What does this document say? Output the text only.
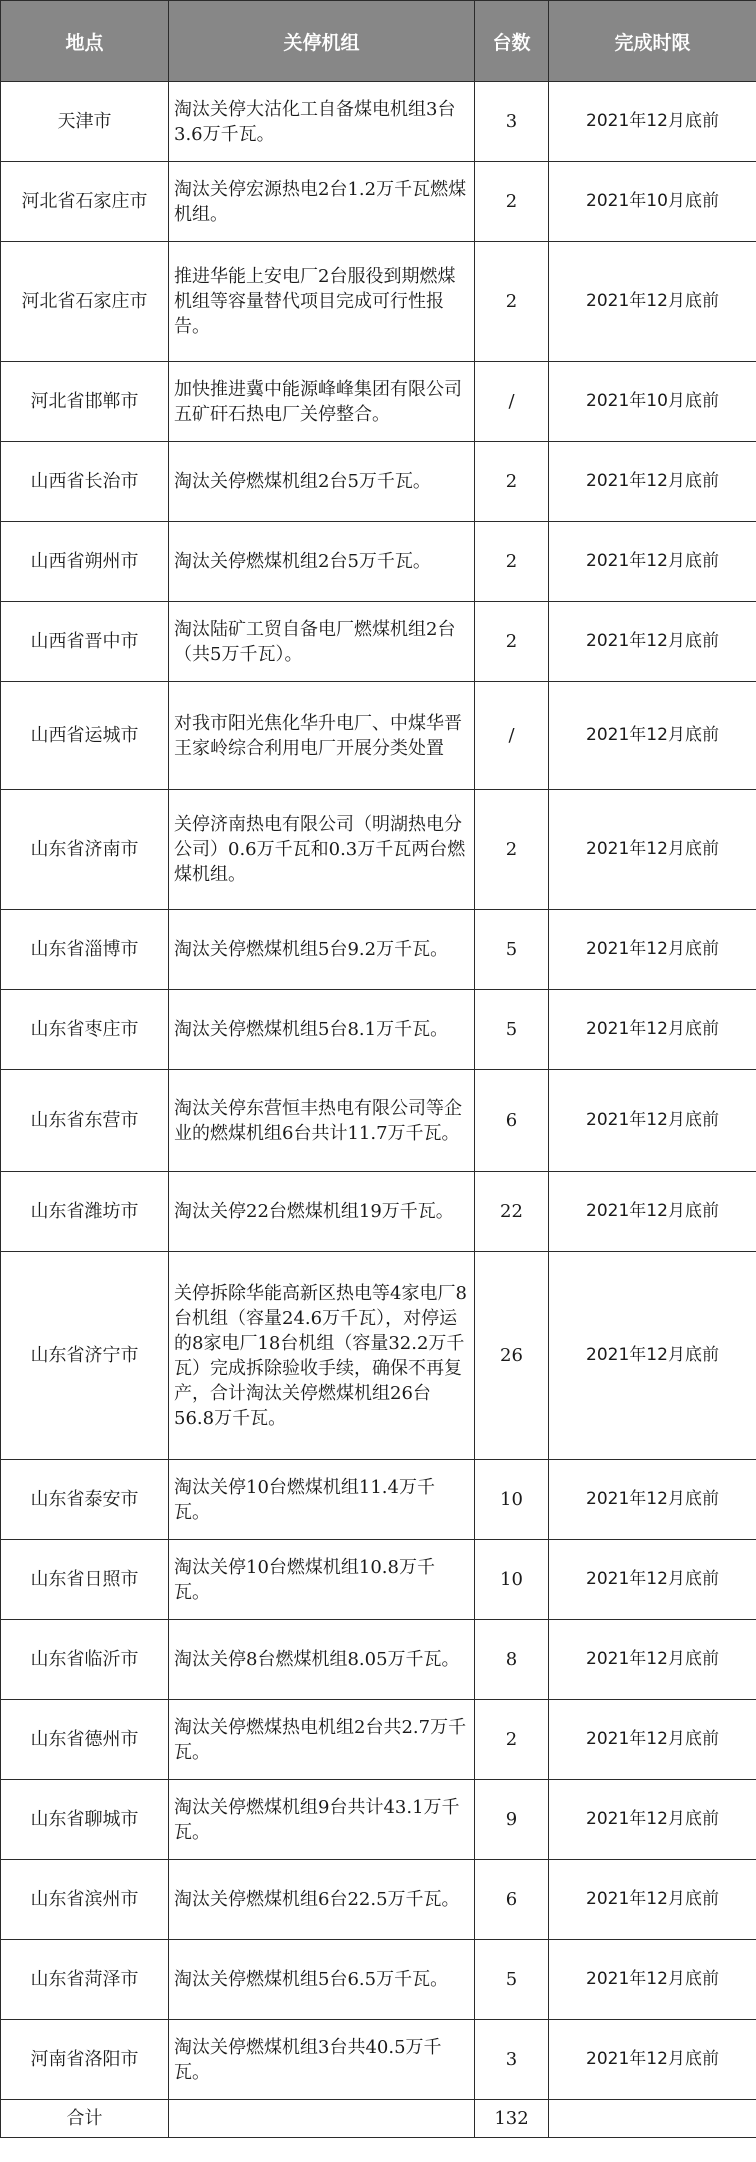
地点	关停机组	台数	完成时限
天津市	淘汰关停大沽化工自备煤电机组3台3.6万千瓦。	3	2021年12月底前
河北省石家庄市	淘汰关停宏源热电2台1.2万千瓦燃煤机组。	2	2021年10月底前
河北省石家庄市	推进华能上安电厂2台服役到期燃煤机组等容量替代项目完成可行性报告。	2	2021年12月底前
河北省邯郸市	加快推进冀中能源峰峰集团有限公司五矿矸石热电厂关停整合。	/	2021年10月底前
山西省长治市	淘汰关停燃煤机组2台5万千瓦。	2	2021年12月底前
山西省朔州市	淘汰关停燃煤机组2台5万千瓦。	2	2021年12月底前
山西省晋中市	淘汰陆矿工贸自备电厂燃煤机组2台（共5万千瓦）。	2	2021年12月底前
山西省运城市	对我市阳光焦化华升电厂、中煤华晋王家岭综合利用电厂开展分类处置	/	2021年12月底前
山东省济南市	关停济南热电有限公司（明湖热电分公司）0.6万千瓦和0.3万千瓦两台燃煤机组。	2	2021年12月底前
山东省淄博市	淘汰关停燃煤机组5台9.2万千瓦。	5	2021年12月底前
山东省枣庄市	淘汰关停燃煤机组5台8.1万千瓦。	5	2021年12月底前
山东省东营市	淘汰关停东营恒丰热电有限公司等企业的燃煤机组6台共计11.7万千瓦。	6	2021年12月底前
山东省潍坊市	淘汰关停22台燃煤机组19万千瓦。	22	2021年12月底前
山东省济宁市	关停拆除华能高新区热电等4家电厂8台机组（容量24.6万千瓦），对停运的8家电厂18台机组（容量32.2万千瓦）完成拆除验收手续，确保不再复产，合计淘汰关停燃煤机组26台56.8万千瓦。	26	2021年12月底前
山东省泰安市	淘汰关停10台燃煤机组11.4万千瓦。	10	2021年12月底前
山东省日照市	淘汰关停10台燃煤机组10.8万千瓦。	10	2021年12月底前
山东省临沂市	淘汰关停8台燃煤机组8.05万千瓦。	8	2021年12月底前
山东省德州市	淘汰关停燃煤热电机组2台共2.7万千瓦。	2	2021年12月底前
山东省聊城市	淘汰关停燃煤机组9台共计43.1万千瓦。	9	2021年12月底前
山东省滨州市	淘汰关停燃煤机组6台22.5万千瓦。	6	2021年12月底前
山东省菏泽市	淘汰关停燃煤机组5台6.5万千瓦。	5	2021年12月底前
河南省洛阳市	淘汰关停燃煤机组3台共40.5万千瓦。	3	2021年12月底前
合计		132	
